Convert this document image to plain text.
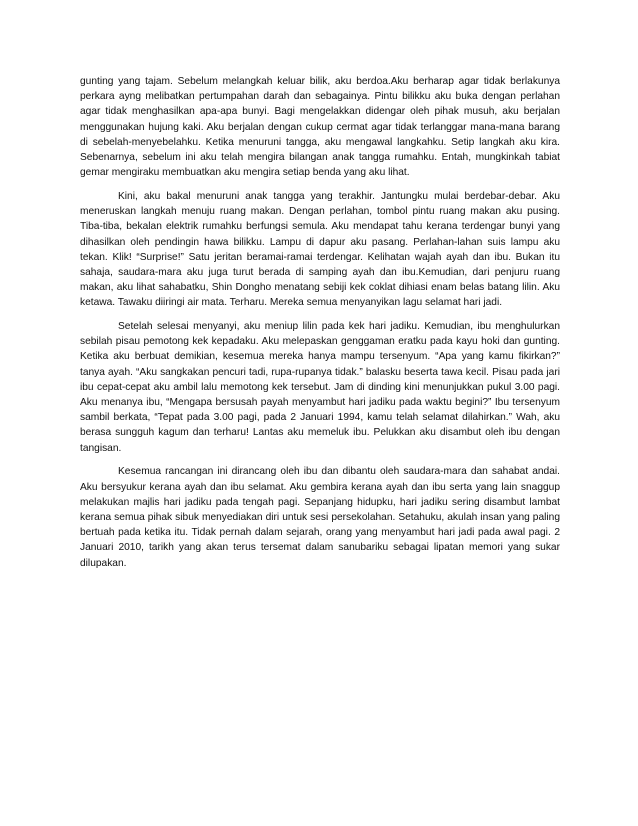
gunting yang tajam. Sebelum melangkah keluar bilik, aku berdoa.Aku berharap agar tidak berlakunya perkara ayng melibatkan pertumpahan darah dan sebagainya. Pintu bilikku aku buka dengan perlahan agar tidak menghasilkan apa-apa bunyi. Bagi mengelakkan didengar oleh pihak musuh, aku berjalan menggunakan hujung kaki. Aku berjalan dengan cukup cermat agar tidak terlanggar mana-mana barang di sebelah-menyebelahku. Ketika menuruni tangga, aku mengawal langkahku. Setip langkah aku kira. Sebenarnya, sebelum ini aku telah mengira bilangan anak tangga rumahku. Entah, mungkinkah tabiat gemar mengiraku membuatkan aku mengira setiap benda yang aku lihat.

Kini, aku bakal menuruni anak tangga yang terakhir. Jantungku mulai berdebar-debar. Aku meneruskan langkah menuju ruang makan. Dengan perlahan, tombol pintu ruang makan aku pusing. Tiba-tiba, bekalan elektrik rumahku berfungsi semula. Aku mendapat tahu kerana terdengar bunyi yang dihasilkan oleh pendingin hawa bilikku. Lampu di dapur aku pasang. Perlahan-lahan suis lampu aku tekan. Klik! “Surprise!” Satu jeritan beramai-ramai terdengar. Kelihatan wajah ayah dan ibu. Bukan itu sahaja, saudara-mara aku juga turut berada di samping ayah dan ibu.Kemudian, dari penjuru ruang makan, aku lihat sahabatku, Shin Dongho menatang sebiji kek coklat dihiasi enam belas batang lilin. Aku ketawa. Tawaku diiringi air mata. Terharu. Mereka semua menyanyikan lagu selamat hari jadi.

Setelah selesai menyanyi, aku meniup lilin pada kek hari jadiku. Kemudian, ibu menghulurkan sebilah pisau pemotong kek kepadaku. Aku melepaskan genggaman eratku pada kayu hoki dan gunting. Ketika aku berbuat demikian, kesemua mereka hanya mampu tersenyum. “Apa yang kamu fikirkan?” tanya ayah. “Aku sangkakan pencuri tadi, rupa-rupanya tidak.” balasku beserta tawa kecil. Pisau pada jari ibu cepat-cepat aku ambil lalu memotong kek tersebut. Jam di dinding kini menunjukkan pukul 3.00 pagi. Aku menanya ibu, “Mengapa bersusah payah menyambut hari jadiku pada waktu begini?” Ibu tersenyum sambil berkata, “Tepat pada 3.00 pagi, pada 2 Januari 1994, kamu telah selamat dilahirkan.” Wah, aku berasa sungguh kagum dan terharu! Lantas aku memeluk ibu. Pelukkan aku disambut oleh ibu dengan tangisan.

Kesemua rancangan ini dirancang oleh ibu dan dibantu oleh saudara-mara dan sahabat andai. Aku bersyukur kerana ayah dan ibu selamat. Aku gembira kerana ayah dan ibu serta yang lain snaggup melakukan majlis hari jadiku pada tengah pagi. Sepanjang hidupku, hari jadiku sering disambut lambat kerana semua pihak sibuk menyediakan diri untuk sesi persekolahan. Setahuku, akulah insan yang paling bertuah pada ketika itu. Tidak pernah dalam sejarah, orang yang menyambut hari jadi pada awal pagi. 2 Januari 2010, tarikh yang akan terus tersemat dalam sanubariku sebagai lipatan memori yang sukar dilupakan.
